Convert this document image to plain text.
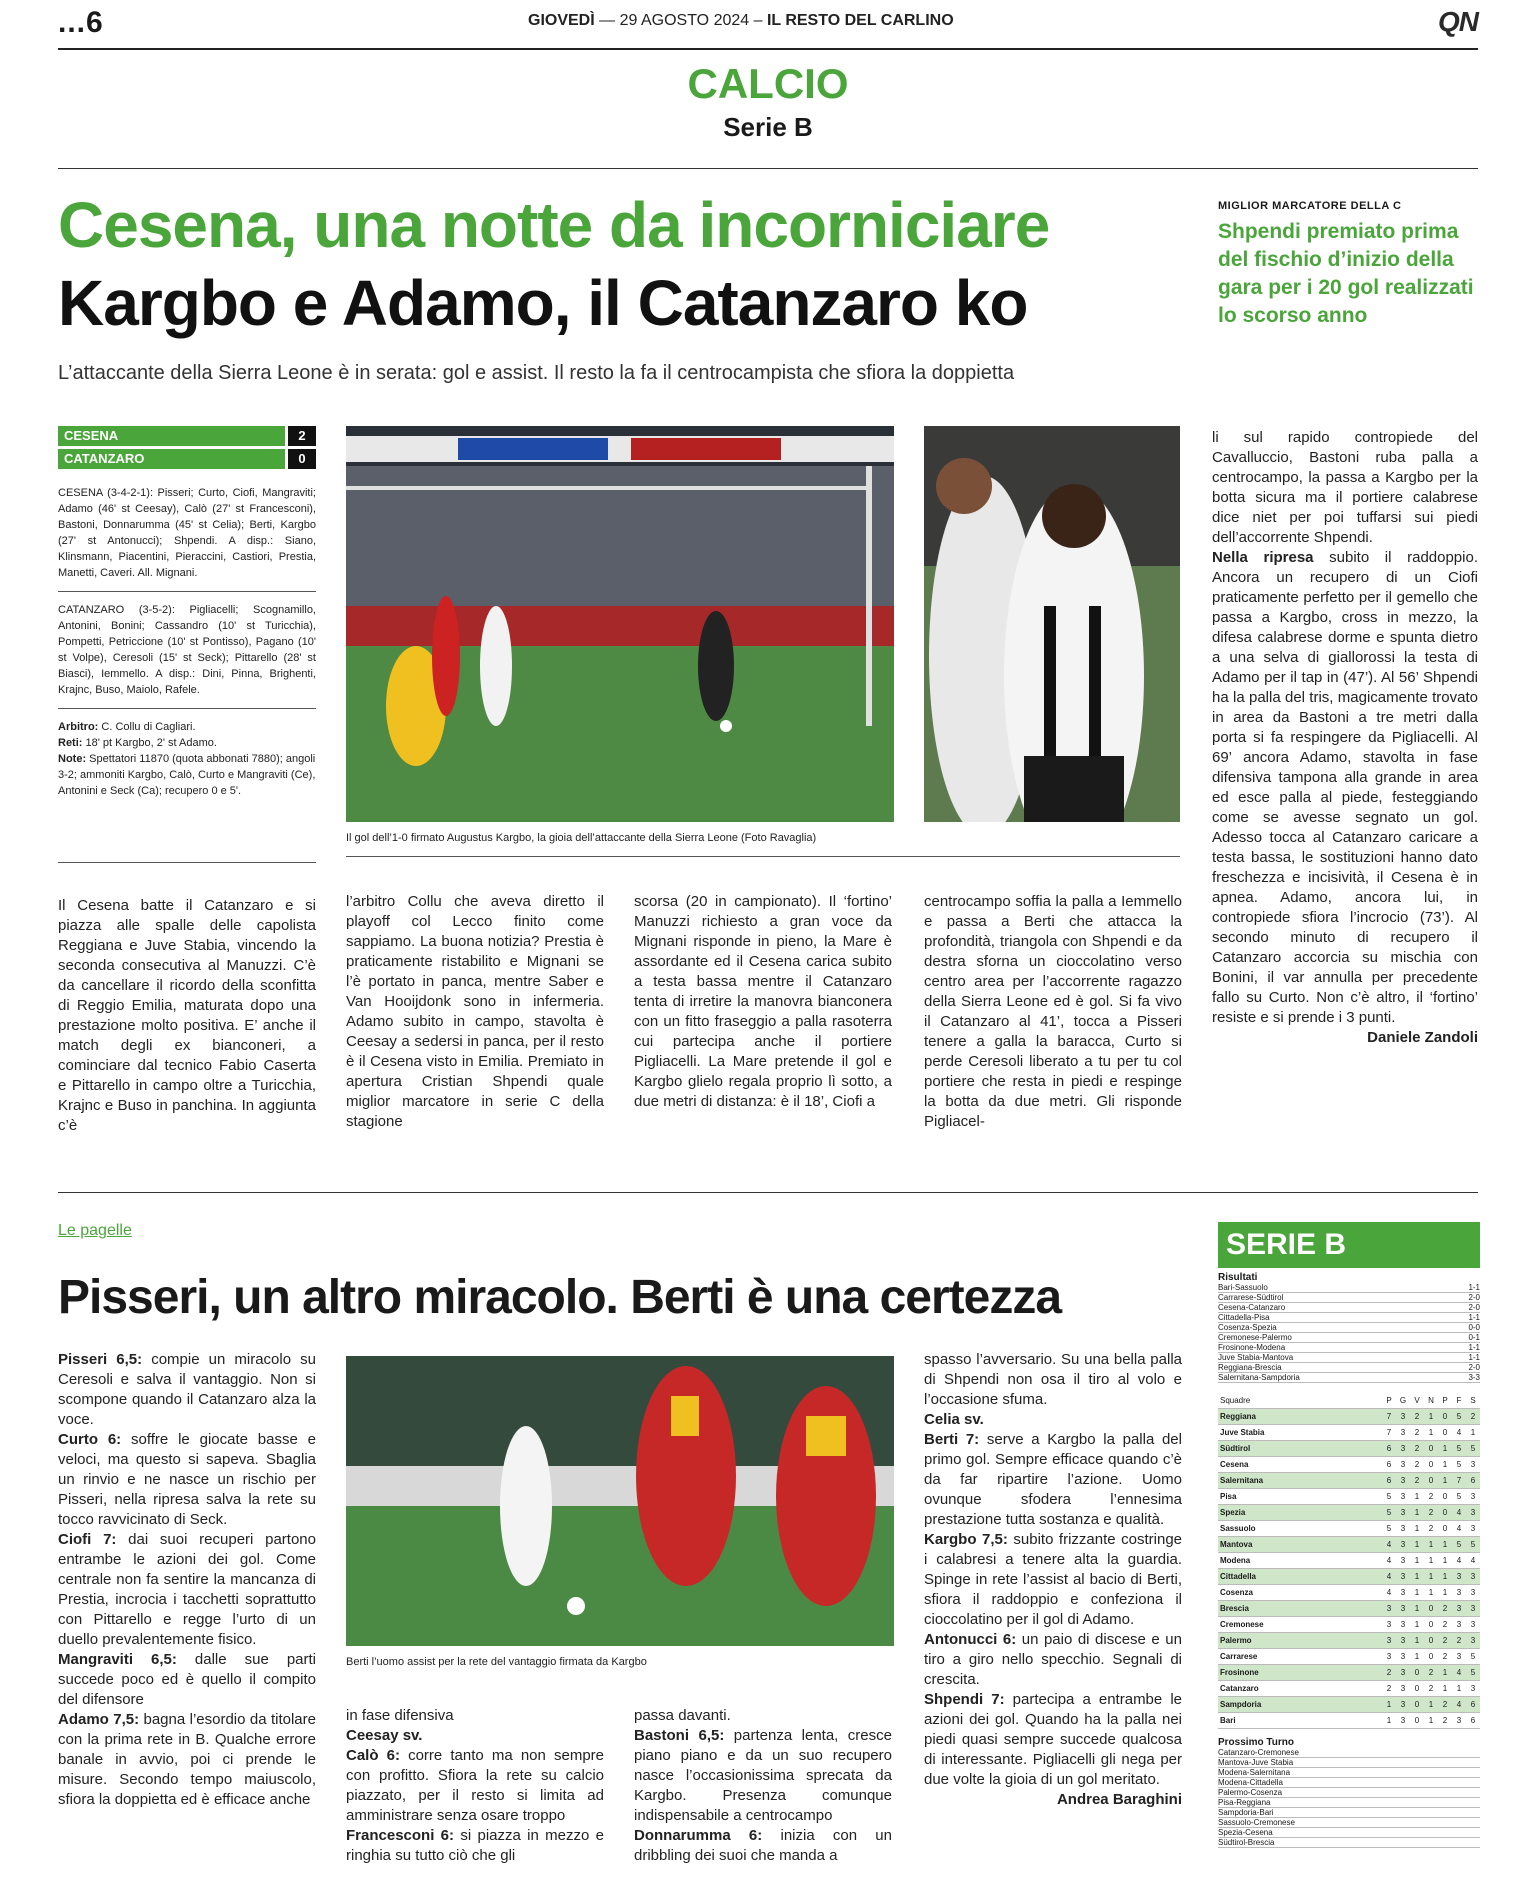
...6	GIOVEDÌ — 29 AGOSTO 2024 – IL RESTO DEL CARLINO	QN
CALCIO
Serie B
Cesena, una notte da incorniciare
Kargbo e Adamo, il Catanzaro ko
L’attaccante della Sierra Leone è in serata: gol e assist. Il resto la fa il centrocampista che sfiora la doppietta
MIGLIOR MARCATORE DELLA C
Shpendi premiato prima del fischio d’inizio della gara per i 20 gol realizzati lo scorso anno
CESENA	2
CATANZARO	0
CESENA (3-4-2-1): Pisseri; Curto, Ciofi, Mangraviti; Adamo (46' st Ceesay), Calò (27' st Francesconi), Bastoni, Donnarumma (45' st Celia); Berti, Kargbo (27' st Antonucci); Shpendi. A disp.: Siano, Klinsmann, Piacentini, Pieraccini, Castiori, Prestia, Manetti, Caveri. All. Mignani.
CATANZARO (3-5-2): Pigliacelli; Scognamillo, Antonini, Bonini; Cassandro (10' st Turicchia), Pompetti, Petriccione (10' st Pontisso), Pagano (10' st Volpe), Ceresoli (15' st Seck); Pittarello (28' st Biasci), Iemmello. A disp.: Dini, Pinna, Brighenti, Krajnc, Buso, Maiolo, Rafele.
Arbitro: C. Collu di Cagliari.
Reti: 18' pt Kargbo, 2' st Adamo.
Note: Spettatori 11870 (quota abbonati 7880); angoli 3-2; ammoniti Kargbo, Calò, Curto e Mangraviti (Ce), Antonini e Seck (Ca); recupero 0 e 5'.
Il gol dell’1-0 firmato Augustus Kargbo, la gioia dell’attaccante della Sierra Leone (Foto Ravaglia)
Il Cesena batte il Catanzaro e si piazza alle spalle delle capolista Reggiana e Juve Stabia, vincendo la seconda consecutiva al Manuzzi. C’è da cancellare il ricordo della sconfitta di Reggio Emilia, maturata dopo una prestazione molto positiva. E’ anche il match degli ex bianconeri, a cominciare dal tecnico Fabio Caserta e Pittarello in campo oltre a Turicchia, Krajnc e Buso in panchina. In aggiunta c’è
l’arbitro Collu che aveva diretto il playoff col Lecco finito come sappiamo. La buona notizia? Prestia è praticamente ristabilito e Mignani se l’è portato in panca, mentre Saber e Van Hooijdonk sono in infermeria. Adamo subito in campo, stavolta è Ceesay a sedersi in panca, per il resto è il Cesena visto in Emilia. Premiato in apertura Cristian Shpendi quale miglior marcatore in serie C della stagione
scorsa (20 in campionato). Il ‘fortino’ Manuzzi richiesto a gran voce da Mignani risponde in pieno, la Mare è assordante ed il Cesena carica subito a testa bassa mentre il Catanzaro tenta di irretire la manovra bianconera con un fitto fraseggio a palla rasoterra cui partecipa anche il portiere Pigliacelli. La Mare pretende il gol e Kargbo glielo regala proprio lì sotto, a due metri di distanza: è il 18’, Ciofi a
centrocampo soffia la palla a Iemmello e passa a Berti che attacca la profondità, triangola con Shpendi e da destra sforna un cioccolatino verso centro area per l’accorrente ragazzo della Sierra Leone ed è gol. Si fa vivo il Catanzaro al 41’, tocca a Pisseri tenere a galla la baracca, Curto si perde Ceresoli liberato a tu per tu col portiere che resta in piedi e respinge la botta da due metri. Gli risponde Pigliacel-
li sul rapido contropiede del Cavalluccio, Bastoni ruba palla a centrocampo, la passa a Kargbo per la botta sicura ma il portiere calabrese dice niet per poi tuffarsi sui piedi dell’accorrente Shpendi.
Nella ripresa subito il raddoppio. Ancora un recupero di un Ciofi praticamente perfetto per il gemello che passa a Kargbo, cross in mezzo, la difesa calabrese dorme e spunta dietro a una selva di giallorossi la testa di Adamo per il tap in (47’). Al 56’ Shpendi ha la palla del tris, magicamente trovato in area da Bastoni a tre metri dalla porta si fa respingere da Pigliacelli. Al 69’ ancora Adamo, stavolta in fase difensiva tampona alla grande in area ed esce palla al piede, festeggiando come se avesse segnato un gol. Adesso tocca al Catanzaro caricare a testa bassa, le sostituzioni hanno dato freschezza e incisività, il Cesena è in apnea. Adamo, ancora lui, in contropiede sfiora l’incrocio (73’). Al secondo minuto di recupero il Catanzaro accorcia su mischia con Bonini, il var annulla per precedente fallo su Curto. Non c’è altro, il ‘fortino’ resiste e si prende i 3 punti.
Daniele Zandoli
Le pagelle
Pisseri, un altro miracolo. Berti è una certezza

Pisseri 6,5: compie un miracolo su Ceresoli e salva il vantaggio. Non si scompone quando il Catanzaro alza la voce.

Curto 6: soffre le giocate basse e veloci, ma questo si sapeva. Sbaglia un rinvio e ne nasce un rischio per Pisseri, nella ripresa salva la rete su tocco ravvicinato di Seck.

Ciofi 7: dai suoi recuperi partono entrambe le azioni dei gol. Come centrale non fa sentire la mancanza di Prestia, incrocia i tacchetti soprattutto con Pittarello e regge l’urto di un duello prevalentemente fisico.

Mangraviti 6,5: dalle sue parti succede poco ed è quello il compito del difensore

Adamo 7,5: bagna l’esordio da titolare con la prima rete in B. Qualche errore banale in avvio, poi ci prende le misure. Secondo tempo maiuscolo, sfiora la doppietta ed è efficace anche

Berti l’uomo assist per la rete del vantaggio firmata da Kargbo

in fase difensiva

Ceesay sv.

Calò 6: corre tanto ma non sempre con profitto. Sfiora la rete su calcio piazzato, per il resto si limita ad amministrare senza osare troppo

Francesconi 6: si piazza in mezzo e ringhia su tutto ciò che gli

passa davanti.

Bastoni 6,5: partenza lenta, cresce piano piano e da un suo recupero nasce l’occasionissima sprecata da Kargbo. Presenza comunque indispensabile a centrocampo

Donnarumma 6: inizia con un dribbling dei suoi che manda a

spasso l’avversario. Su una bella palla di Shpendi non osa il tiro al volo e l’occasione sfuma.

Celia sv.

Berti 7: serve a Kargbo la palla del primo gol. Sempre efficace quando c’è da far ripartire l’azione. Uomo ovunque sfodera l’ennesima prestazione tutta sostanza e qualità.

Kargbo 7,5: subito frizzante costringe i calabresi a tenere alta la guardia. Spinge in rete l’assist al bacio di Berti, sfiora il raddoppio e confeziona il cioccolatino per il gol di Adamo.

Antonucci 6: un paio di discese e un tiro a giro nello specchio. Segnali di crescita.

Shpendi 7: partecipa a entrambe le azioni dei gol. Quando ha la palla nei piedi quasi sempre succede qualcosa di interessante. Pigliacelli gli nega per due volte la gioia di un gol meritato.

Andrea Baraghini
SERIE B
Risultati
Bari-Sassuolo	1-1
Carrarese-Südtirol	2-0
Cesena-Catanzaro	2-0
Cittadella-Pisa	1-1
Cosenza-Spezia	0-0
Cremonese-Palermo	0-1
Frosinone-Modena	1-1
Juve Stabia-Mantova	1-1
Reggiana-Brescia	2-0
Salernitana-Sampdoria	3-3
Squadre	P	G	V	N	P	F	S
Reggiana	7	3	2	1	0	5	2
Juve Stabia	7	3	2	1	0	4	1
Südtirol	6	3	2	0	1	5	5
Cesena	6	3	2	0	1	5	3
Salernitana	6	3	2	0	1	7	6
Pisa	5	3	1	2	0	5	3
Spezia	5	3	1	2	0	4	3
Sassuolo	5	3	1	2	0	4	3
Mantova	4	3	1	1	1	5	5
Modena	4	3	1	1	1	4	4
Cittadella	4	3	1	1	1	3	3
Cosenza	4	3	1	1	1	3	3
Brescia	3	3	1	0	2	3	3
Cremonese	3	3	1	0	2	3	3
Palermo	3	3	1	0	2	2	3
Carrarese	3	3	1	0	2	3	5
Frosinone	2	3	0	2	1	4	5
Catanzaro	2	3	0	2	1	1	3
Sampdoria	1	3	0	1	2	4	6
Bari	1	3	0	1	2	3	6
Prossimo Turno
Catanzaro-Cremonese
Mantova-Juve Stabia
Modena-Salernitana
Modena-Cittadella
Palermo-Cosenza
Pisa-Reggiana
Sampdoria-Bari
Sassuolo-Cremonese
Spezia-Cesena
Südtirol-Brescia
